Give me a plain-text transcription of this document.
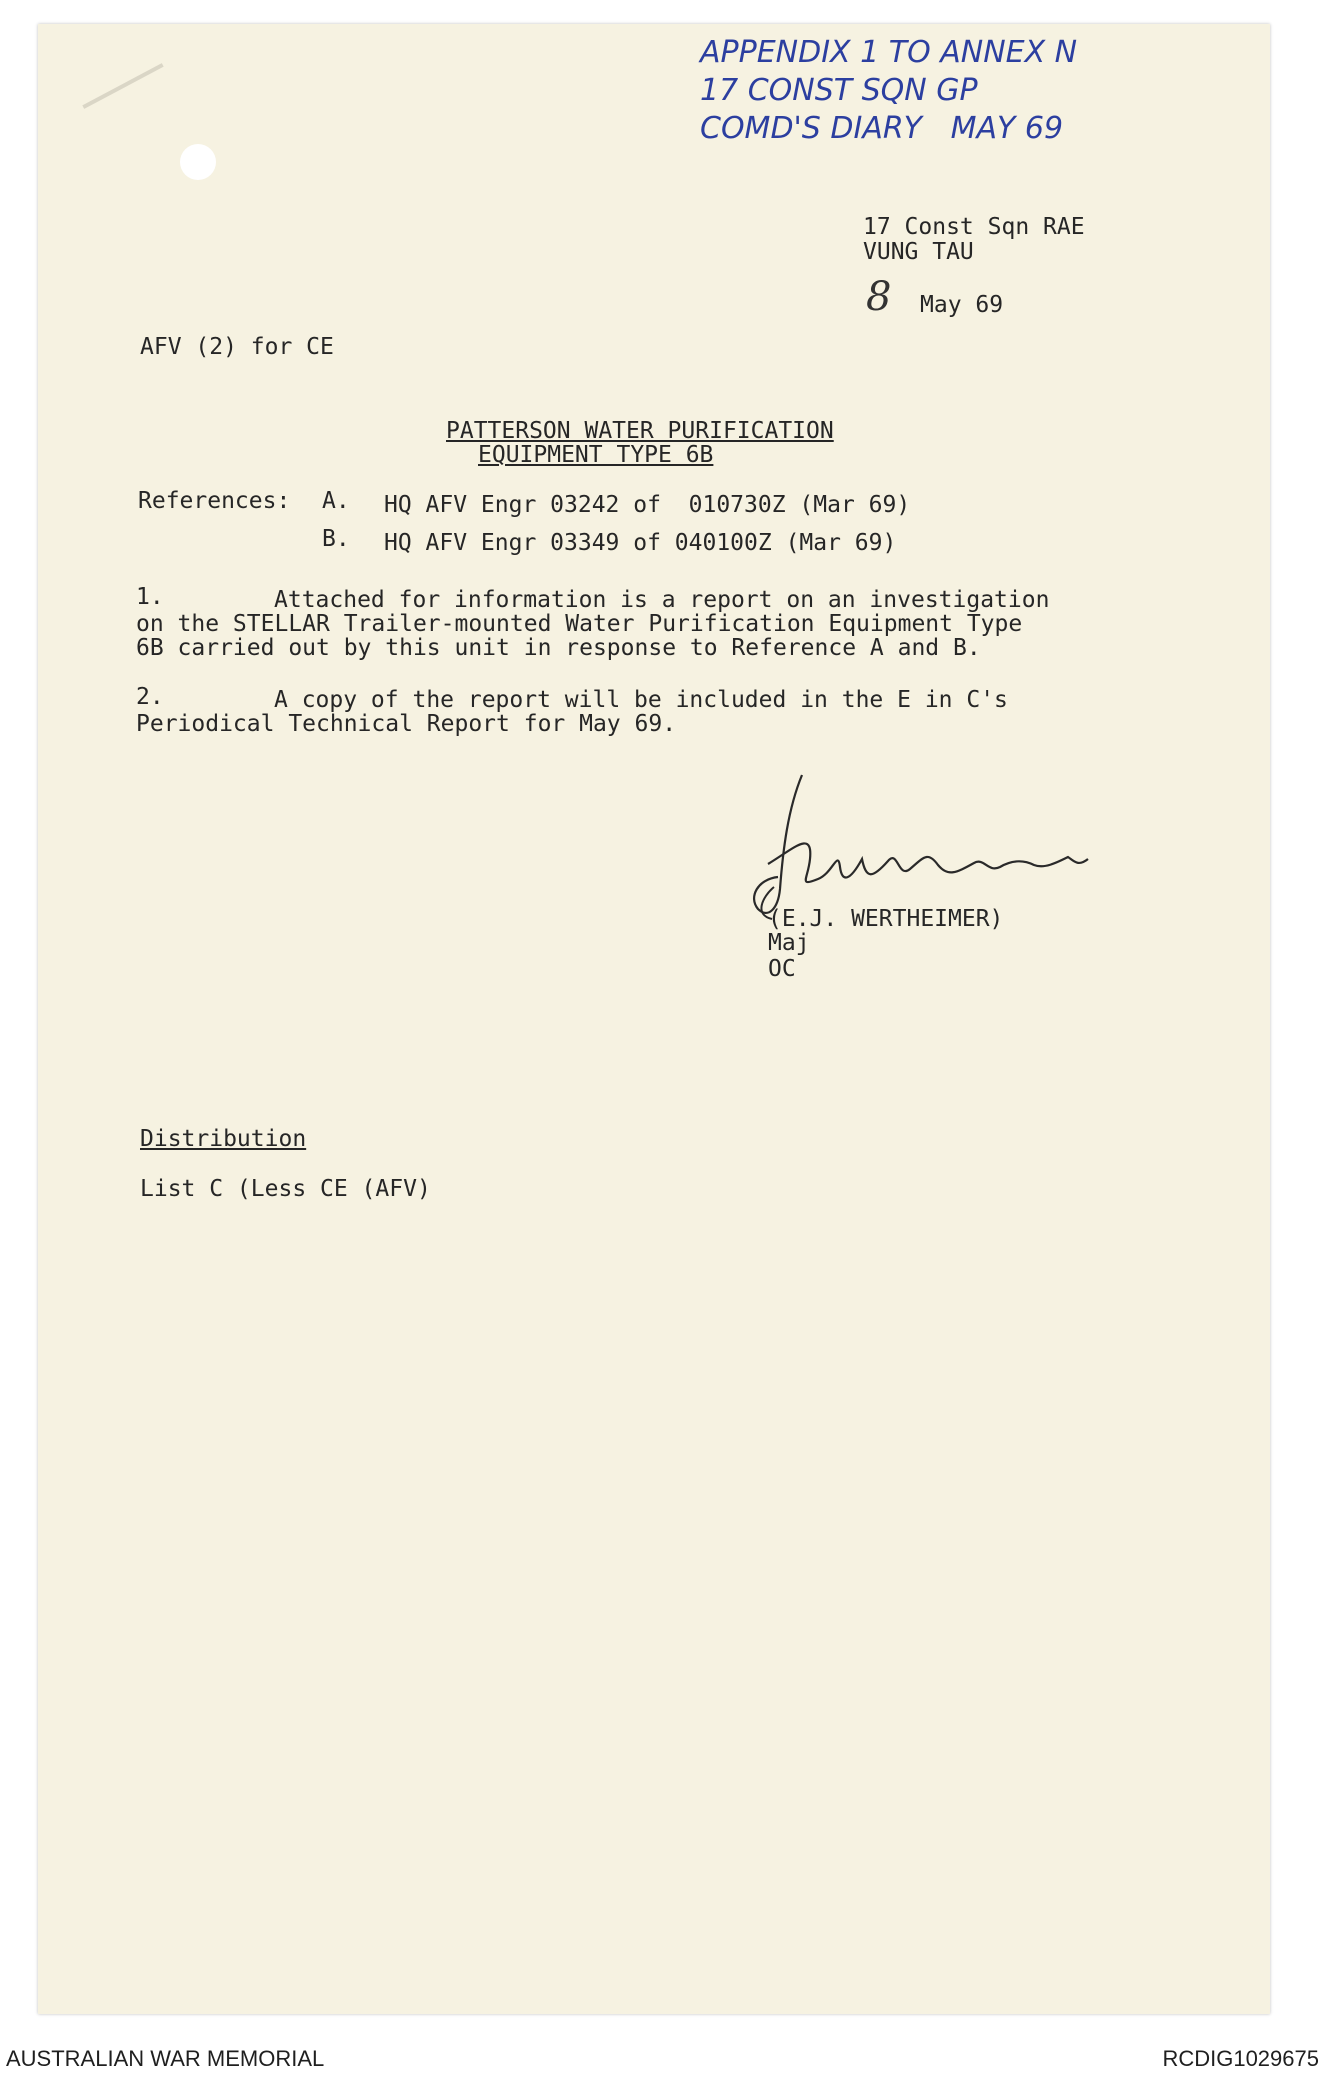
APPENDIX 1 TO ANNEX N
17 CONST SQN GP
COMD'S DIARY   MAY 69
17 Const Sqn RAE
VUNG TAU
8 May 69
AFV (2) for CE
PATTERSON WATER PURIFICATION
EQUIPMENT TYPE 6B
References: A. HQ AFV Engr 03242 of  010730Z (Mar 69)
B. HQ AFV Engr 03349 of 040100Z (Mar 69)
1.	Attached for information is a report on an investigation
on the STELLAR Trailer-mounted Water Purification Equipment Type
6B carried out by this unit in response to Reference A and B.
2.	A copy of the report will be included in the E in C's
Periodical Technical Report for May 69.
(E.J. WERTHEIMER)
Maj
OC
Distribution
List C (Less CE (AFV)
AUSTRALIAN WAR MEMORIAL	RCDIG1029675
